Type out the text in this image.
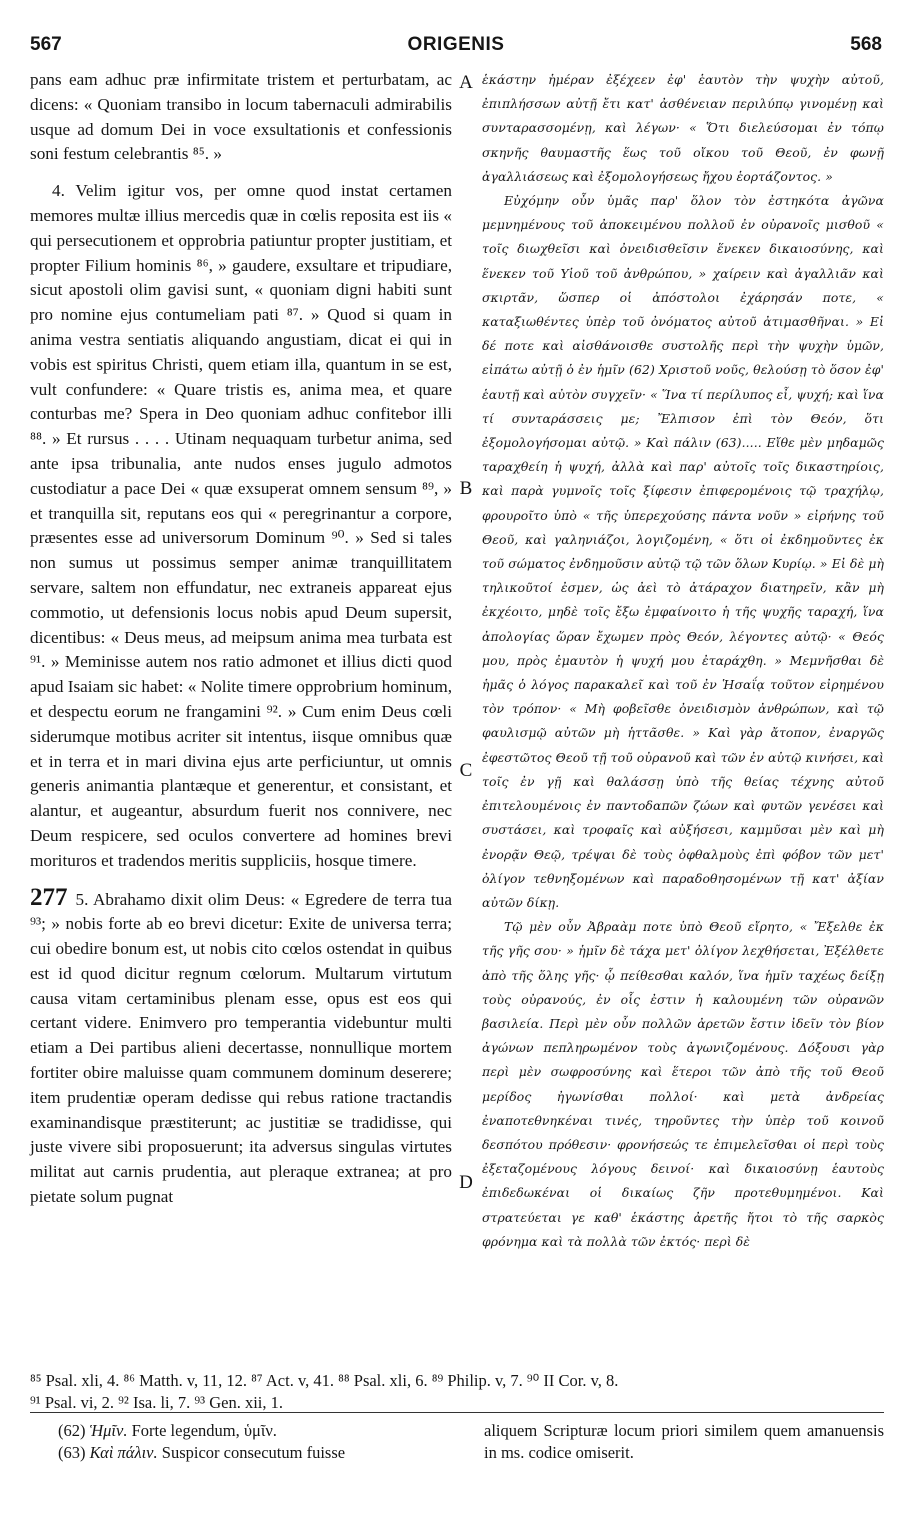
567	ORIGENIS	568

pans eam adhuc præ infirmitate tristem et perturbatam, ac dicens: « Quoniam transibo in locum tabernaculi admirabilis usque ad domum Dei in voce exsultationis et confessionis soni festum celebrantis ⁸⁵. »

4. Velim igitur vos, per omne quod instat certamen memores multæ illius mercedis quæ in cœlis reposita est iis « qui persecutionem et opprobria patiuntur propter justitiam, et propter Filium hominis ⁸⁶, » gaudere, exsultare et tripudiare, sicut apostoli olim gavisi sunt, « quoniam digni habiti sunt pro nomine ejus contumeliam pati ⁸⁷. » Quod si quam in anima vestra sentiatis aliquando angustiam, dicat ei qui in vobis est spiritus Christi, quem etiam illa, quantum in se est, vult confundere: « Quare tristis es, anima mea, et quare conturbas me? Spera in Deo quoniam adhuc confitebor illi ⁸⁸. » Et rursus . . . . Utinam nequaquam turbetur anima, sed ante ipsa tribunalia, ante nudos enses jugulo admotos custodiatur a pace Dei « quæ exsuperat omnem sensum ⁸⁹, » et tranquilla sit, reputans eos qui « peregrinantur a corpore, præsentes esse ad universorum Dominum ⁹⁰. » Sed si tales non sumus ut possimus semper animæ tranquillitatem servare, saltem non effundatur, nec extraneis appareat ejus commotio, ut defensionis locus nobis apud Deum supersit, dicentibus: « Deus meus, ad meipsum anima mea turbata est ⁹¹. » Meminisse autem nos ratio admonet et illius dicti quod apud Isaiam sic habet: « Nolite timere opprobrium hominum, et despectu eorum ne frangamini ⁹². » Cum enim Deus cœli siderumque motibus acriter sit intentus, iisque omnibus quæ et in terra et in mari divina ejus arte perficiuntur, ut omnis generis animantia plantæque et generentur, et consistant, et alantur, et augeantur, absurdum fuerit nos connivere, nec Deum respicere, sed oculos convertere ad homines brevi morituros et tradendos meritis suppliciis, hosque timere.

277 5. Abrahamo dixit olim Deus: « Egredere de terra tua ⁹³; » nobis forte ab eo brevi dicetur: Exite de universa terra; cui obedire bonum est, ut nobis cito cœlos ostendat in quibus est id quod dicitur regnum cœlorum. Multarum virtutum causa vitam certaminibus plenam esse, opus est eos qui certant videre. Enimvero pro temperantia videbuntur multi etiam a Dei partibus alieni decertasse, nonnullique mortem fortiter obire maluisse quam communem dominum deserere; item prudentiæ operam dedisse qui rebus ratione tractandis examinandisque præstiterunt; ac justitiæ se tradidisse, qui juste vivere sibi proposuerunt; ita adversus singulas virtutes militat aut carnis prudentia, aut pleraque extranea; at pro pietate solum pugnat

A
B
C
D

ἑκάστην ἡμέραν ἐξέχεεν ἐφ' ἑαυτὸν τὴν ψυχὴν αὐτοῦ, ἐπιπλήσσων αὐτῇ ἔτι κατ' ἀσθένειαν περιλύπῳ γινομένῃ καὶ συνταρασσομένῃ, καὶ λέγων· « Ὅτι διελεύσομαι ἐν τόπῳ σκηνῆς θαυμαστῆς ἕως τοῦ οἴκου τοῦ Θεοῦ, ἐν φωνῇ ἀγαλλιάσεως καὶ ἐξομολογήσεως ἤχου ἑορτάζοντος. »

Εὐχόμην οὖν ὑμᾶς παρ' ὅλον τὸν ἐστηκότα ἀγῶνα μεμνημένους τοῦ ἀποκειμένου πολλοῦ ἐν οὐρανοῖς μισθοῦ « τοῖς διωχθεῖσι καὶ ὀνειδισθεῖσιν ἕνεκεν δικαιοσύνης, καὶ ἕνεκεν τοῦ Υἱοῦ τοῦ ἀνθρώπου, » χαίρειν καὶ ἀγαλλιᾶν καὶ σκιρτᾶν, ὥσπερ οἱ ἀπόστολοι ἐχάρησάν ποτε, « καταξιωθέντες ὑπὲρ τοῦ ὀνόματος αὐτοῦ ἀτιμασθῆναι. » Εἰ δέ ποτε καὶ αἰσθάνοισθε συστολῆς περὶ τὴν ψυχὴν ὑμῶν, εἰπάτω αὐτῇ ὁ ἐν ἡμῖν (62) Χριστοῦ νοῦς, θελούσῃ τὸ ὅσον ἐφ' ἑαυτῇ καὶ αὐτὸν συγχεῖν· « Ἵνα τί περίλυπος εἶ, ψυχή; καὶ ἵνα τί συνταράσσεις με; Ἔλπισον ἐπὶ τὸν Θεόν, ὅτι ἐξομολογήσομαι αὐτῷ. » Καὶ πάλιν (63)..... Εἴθε μὲν μηδαμῶς ταραχθείη ἡ ψυχή, ἀλλὰ καὶ παρ' αὐτοῖς τοῖς δικαστηρίοις, καὶ παρὰ γυμνοῖς τοῖς ξίφεσιν ἐπιφερομένοις τῷ τραχήλῳ, φρουροῖτο ὑπὸ « τῆς ὑπερεχούσης πάντα νοῦν » εἰρήνης τοῦ Θεοῦ, καὶ γαληνιάζοι, λογιζομένη, « ὅτι οἱ ἐκδημοῦντες ἐκ τοῦ σώματος ἐνδημοῦσιν αὐτῷ τῷ τῶν ὅλων Κυρίῳ. » Εἰ δὲ μὴ τηλικοῦτοί ἐσμεν, ὡς ἀεὶ τὸ ἀτάραχον διατηρεῖν, κἂν μὴ ἐκχέοιτο, μηδὲ τοῖς ἔξω ἐμφαίνοιτο ἡ τῆς ψυχῆς ταραχή, ἵνα ἀπολογίας ὥραν ἔχωμεν πρὸς Θεόν, λέγοντες αὐτῷ· « Θεός μου, πρὸς ἐμαυτὸν ἡ ψυχή μου ἐταράχθη. » Μεμνῆσθαι δὲ ἡμᾶς ὁ λόγος παρακαλεῖ καὶ τοῦ ἐν Ἡσαΐᾳ τοῦτον εἰρημένου τὸν τρόπον· « Μὴ φοβεῖσθε ὀνειδισμὸν ἀνθρώπων, καὶ τῷ φαυλισμῷ αὐτῶν μὴ ἡττᾶσθε. » Καὶ γὰρ ἄτοπον, ἐναργῶς ἐφεστῶτος Θεοῦ τῇ τοῦ οὐρανοῦ καὶ τῶν ἐν αὐτῷ κινήσει, καὶ τοῖς ἐν γῇ καὶ θαλάσσῃ ὑπὸ τῆς θείας τέχνης αὐτοῦ ἐπιτελουμένοις ἐν παντοδαπῶν ζώων καὶ φυτῶν γενέσει καὶ συστάσει, καὶ τροφαῖς καὶ αὐξήσεσι, καμμῦσαι μὲν καὶ μὴ ἐνορᾷν Θεῷ, τρέψαι δὲ τοὺς ὀφθαλμοὺς ἐπὶ φόβον τῶν μετ' ὀλίγον τεθνηξομένων καὶ παραδοθησομένων τῇ κατ' ἀξίαν αὐτῶν δίκῃ.

Τῷ μὲν οὖν Ἀβραὰμ ποτε ὑπὸ Θεοῦ εἴρητο, « Ἔξελθε ἐκ τῆς γῆς σου· » ἡμῖν δὲ τάχα μετ' ὀλίγον λεχθήσεται, Ἐξέλθετε ἀπὸ τῆς ὅλης γῆς· ᾧ πείθεσθαι καλόν, ἵνα ἡμῖν ταχέως δείξῃ τοὺς οὐρανούς, ἐν οἷς ἐστιν ἡ καλουμένη τῶν οὐρανῶν βασιλεία. Περὶ μὲν οὖν πολλῶν ἀρετῶν ἔστιν ἰδεῖν τὸν βίον ἀγώνων πεπληρωμένον τοὺς ἀγωνιζομένους. Δόξουσι γὰρ περὶ μὲν σωφροσύνης καὶ ἕτεροι τῶν ἀπὸ τῆς τοῦ Θεοῦ μερίδος ἠγωνίσθαι πολλοί· καὶ μετὰ ἀνδρείας ἐναποτεθνηκέναι τινές, τηροῦντες τὴν ὑπὲρ τοῦ κοινοῦ δεσπότου πρόθεσιν· φρονήσεώς τε ἐπιμελεῖσθαι οἱ περὶ τοὺς ἐξεταζομένους λόγους δεινοί· καὶ δικαιοσύνῃ ἑαυτοὺς ἐπιδεδωκέναι οἱ δικαίως ζῆν προτεθυμημένοι. Καὶ στρατεύεται γε καθ' ἑκάστης ἀρετῆς ἤτοι τὸ τῆς σαρκὸς φρόνημα καὶ τὰ πολλὰ τῶν ἐκτός· περὶ δὲ

⁸⁵ Psal. xli, 4. ⁸⁶ Matth. v, 11, 12. ⁸⁷ Act. v, 41. ⁸⁸ Psal. xli, 6. ⁸⁹ Philip. v, 7. ⁹⁰ II Cor. v, 8.
⁹¹ Psal. vi, 2. ⁹² Isa. li, 7. ⁹³ Gen. xii, 1.
(62) Ἡμῖν. Forte legendum, ὑμῖν.
(63) Καὶ πάλιν. Suspicor consecutum fuisse
aliquem Scripturæ locum priori similem quem amanuensis in ms. codice omiserit.
